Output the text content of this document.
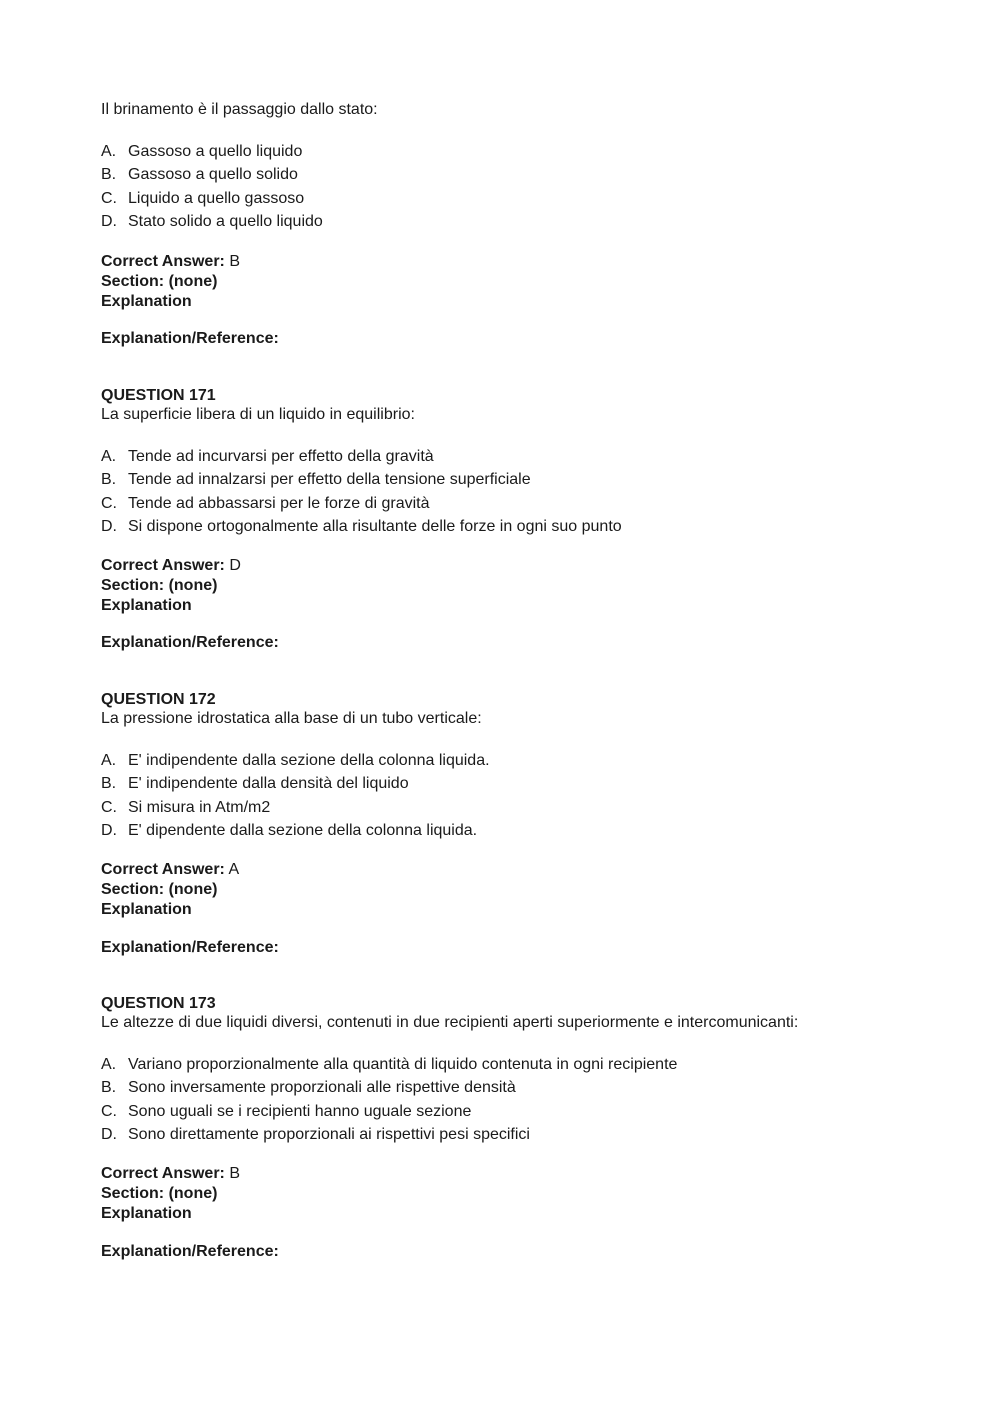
Il brinamento è il passaggio dallo stato:
A. Gassoso a quello liquido
B. Gassoso a quello solido
C. Liquido a quello gassoso
D. Stato solido a quello liquido
Correct Answer: B
Section: (none)
Explanation
Explanation/Reference:
QUESTION 171
La superficie libera di un liquido in equilibrio:
A. Tende ad incurvarsi per effetto della gravità
B. Tende ad innalzarsi per effetto della tensione superficiale
C. Tende ad abbassarsi per le forze di gravità
D. Si dispone ortogonalmente alla risultante delle forze in ogni suo punto
Correct Answer: D
Section: (none)
Explanation
Explanation/Reference:
QUESTION 172
La pressione idrostatica alla base di un tubo verticale:
A. E' indipendente dalla sezione della colonna liquida.
B. E' indipendente dalla densità del liquido
C. Si misura in Atm/m2
D. E' dipendente dalla sezione della colonna liquida.
Correct Answer: A
Section: (none)
Explanation
Explanation/Reference:
QUESTION 173
Le altezze di due liquidi diversi, contenuti in due recipienti aperti superiormente e intercomunicanti:
A. Variano proporzionalmente alla quantità di liquido contenuta in ogni recipiente
B. Sono inversamente proporzionali alle rispettive densità
C. Sono uguali se i recipienti hanno uguale sezione
D. Sono direttamente proporzionali ai rispettivi pesi specifici
Correct Answer: B
Section: (none)
Explanation
Explanation/Reference:
